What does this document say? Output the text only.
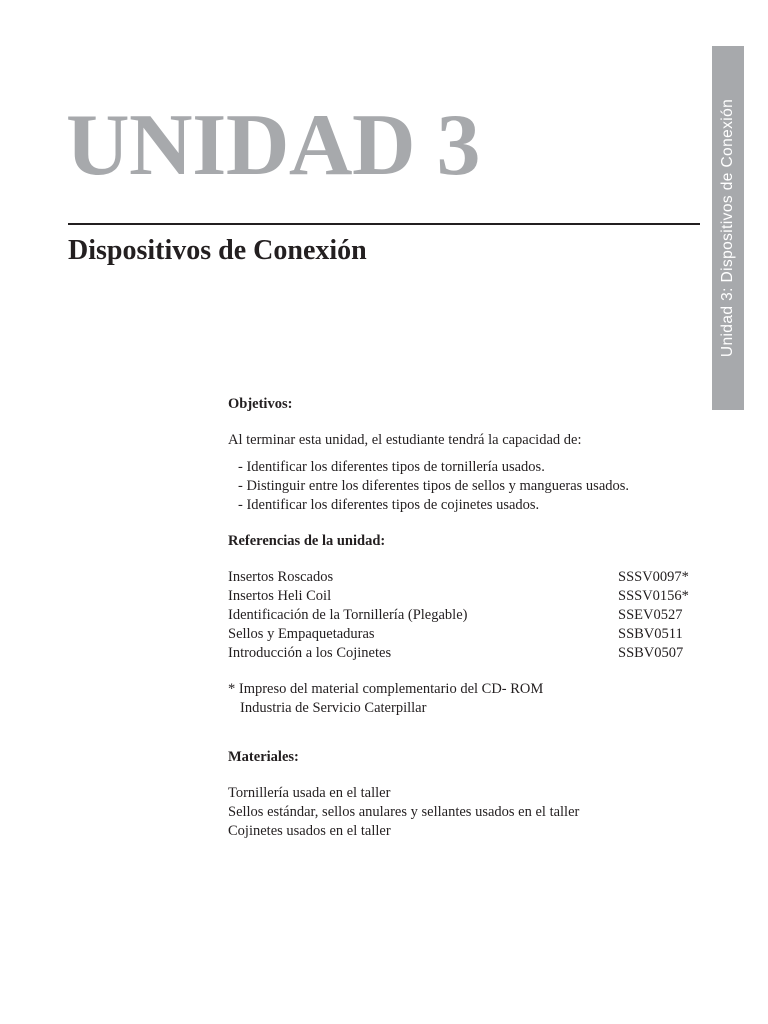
Unidad 3: Dispositivos de Conexión
UNIDAD 3
Dispositivos de Conexión

Objetivos:

Al terminar esta unidad, el estudiante tendrá la capacidad de:

- Identificar los diferentes tipos de tornillería usados.
- Distinguir entre los diferentes tipos de sellos y mangueras usados.
- Identificar los diferentes tipos de cojinetes usados.

Referencias de la unidad:

Insertos Roscados	SSSV0097*
Insertos Heli Coil	SSSV0156*
Identificación de la Tornillería (Plegable)	SSEV0527
Sellos y Empaquetaduras	SSBV0511
Introducción a los Cojinetes	SSBV0507

* Impreso del material complementario del CD- ROM

Industria de Servicio Caterpillar

Materiales:

Tornillería usada en el taller

Sellos estándar, sellos anulares y sellantes usados en el taller

Cojinetes usados en el taller
